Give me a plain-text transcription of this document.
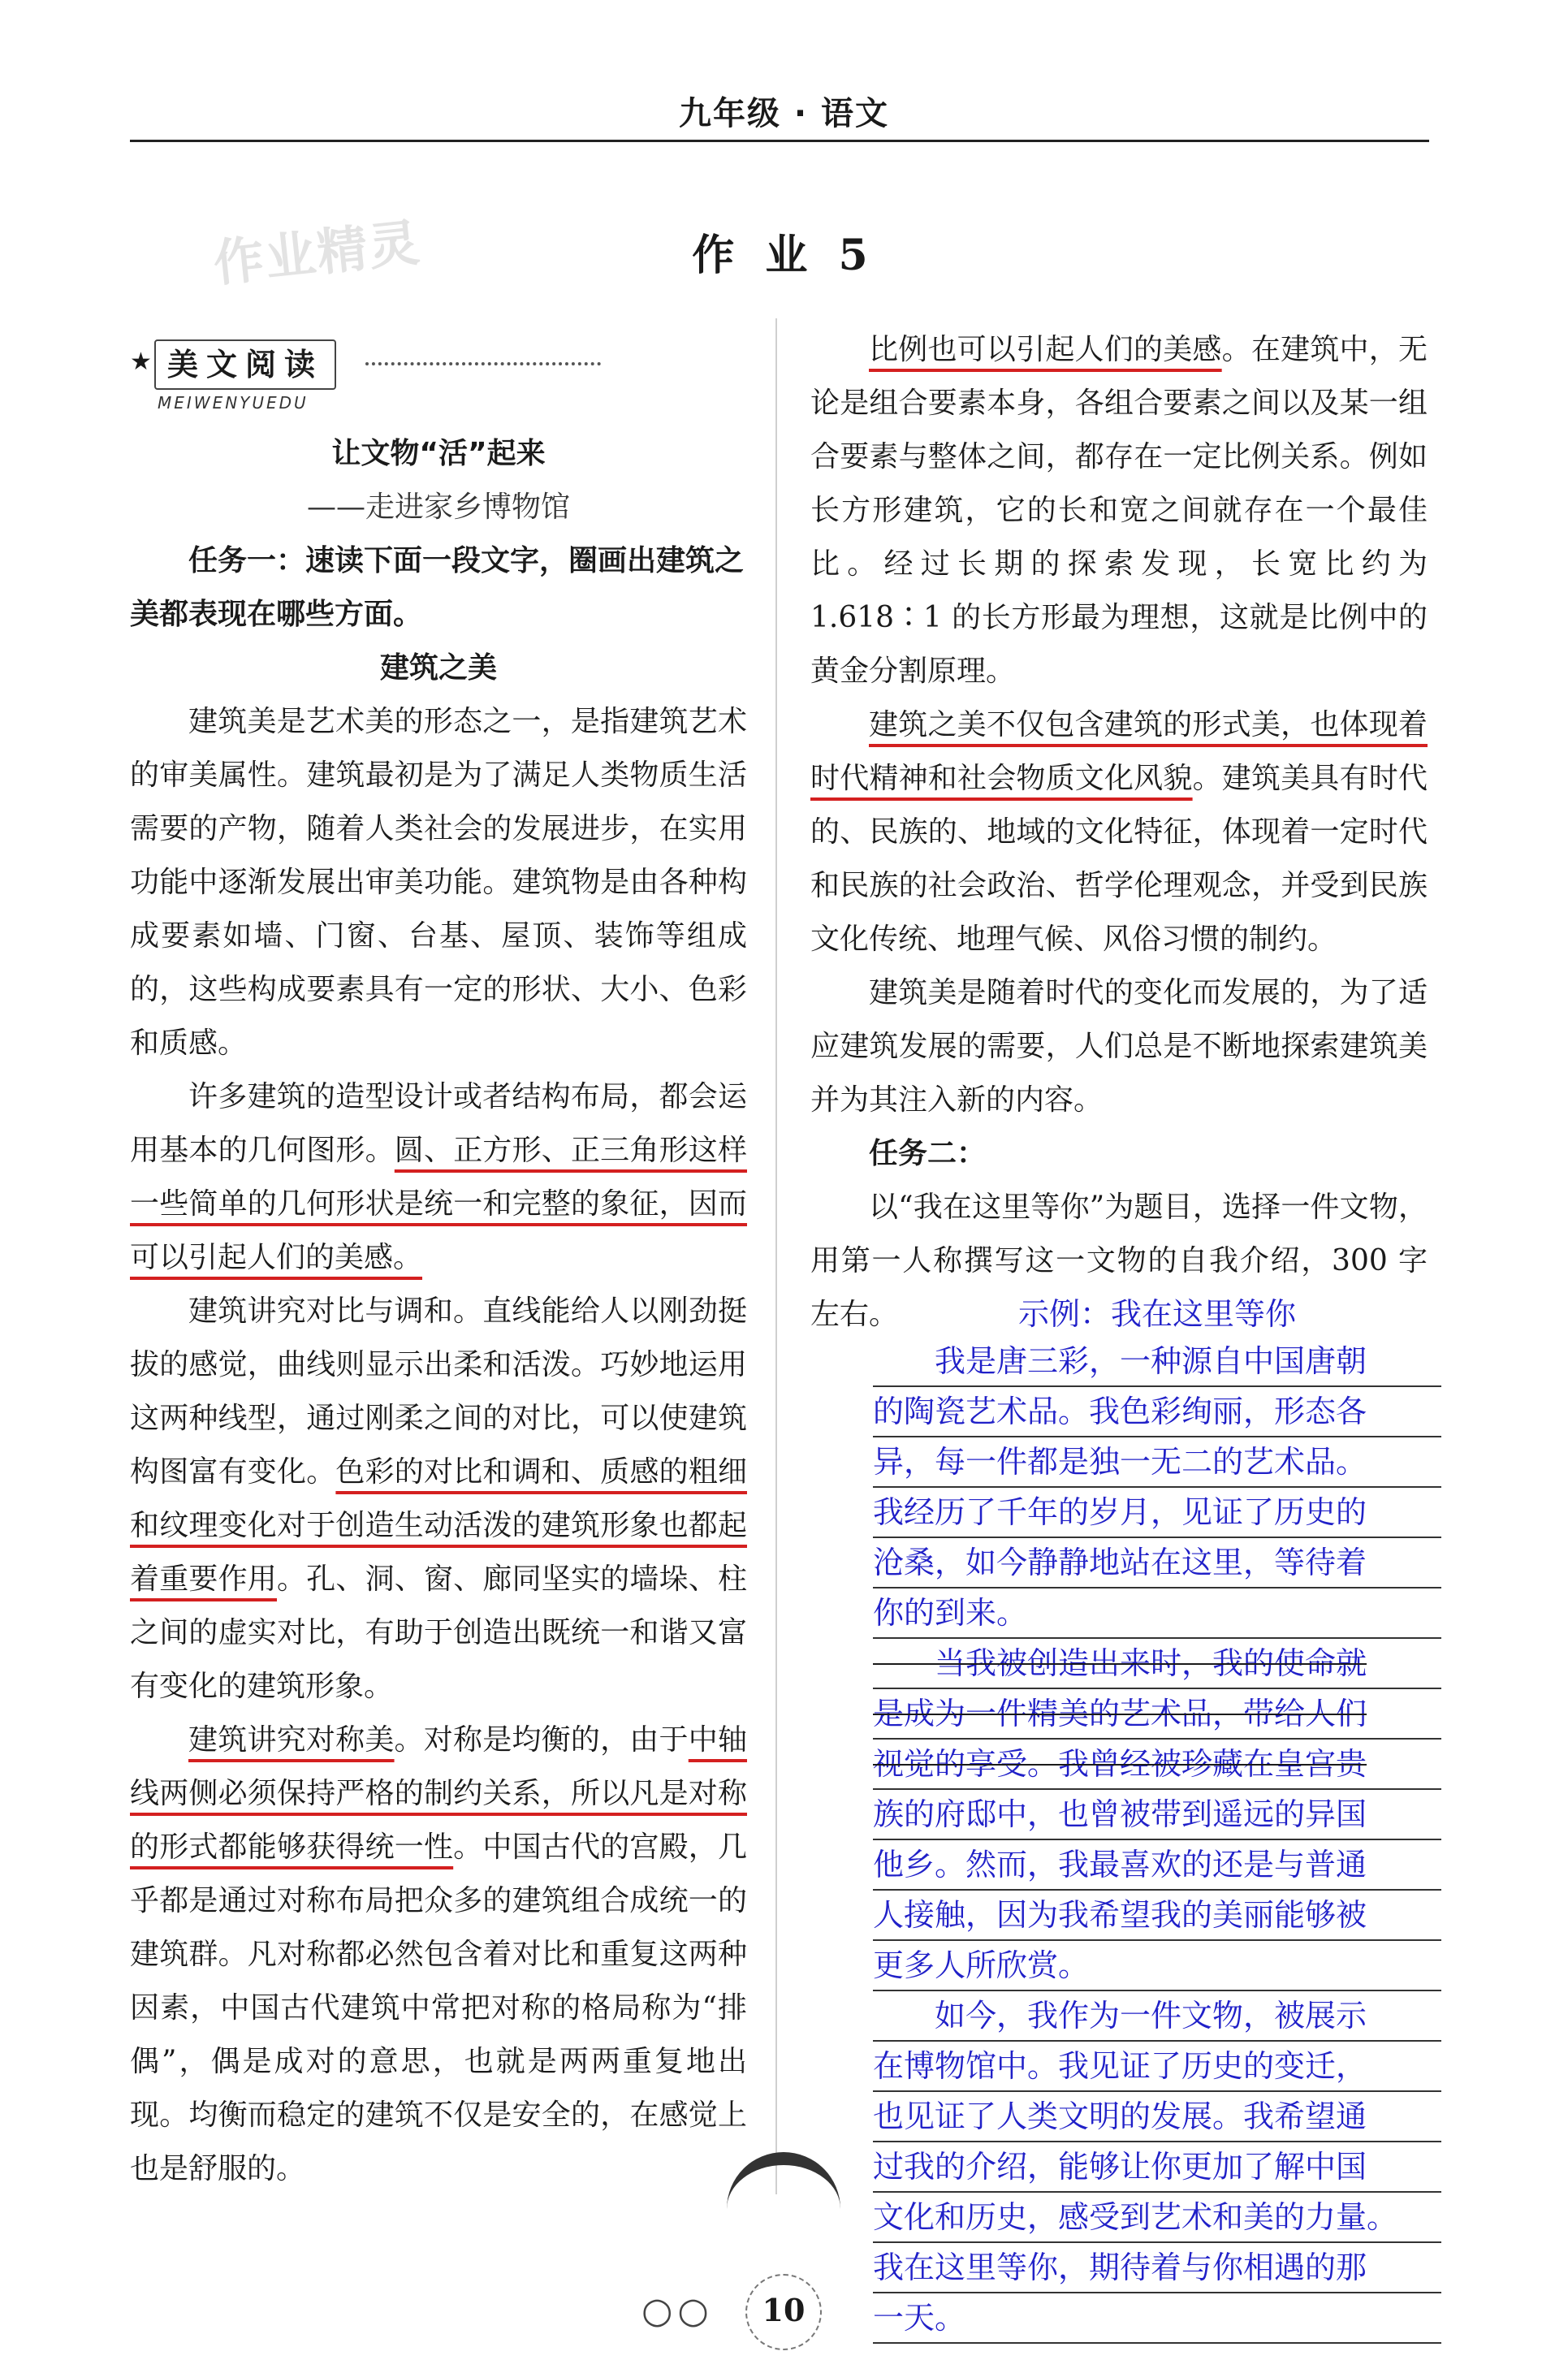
九年级 · 语文
作业精灵	作 业 5
★ 美文阅读
MEIWENYUEDU

让文物“活”起来

——走进家乡博物馆

任务一：速读下面一段文字，圈画出建筑之美都表现在哪些方面。

建筑之美

建筑美是艺术美的形态之一，是指建筑艺术的审美属性。建筑最初是为了满足人类物质生活需要的产物，随着人类社会的发展进步，在实用功能中逐渐发展出审美功能。建筑物是由各种构成要素如墙、门窗、台基、屋顶、装饰等组成的，这些构成要素具有一定的形状、大小、色彩和质感。

许多建筑的造型设计或者结构布局，都会运用基本的几何图形。圆、正方形、正三角形这样一些简单的几何形状是统一和完整的象征，因而可以引起人们的美感。

建筑讲究对比与调和。直线能给人以刚劲挺拔的感觉，曲线则显示出柔和活泼。巧妙地运用这两种线型，通过刚柔之间的对比，可以使建筑构图富有变化。色彩的对比和调和、质感的粗细和纹理变化对于创造生动活泼的建筑形象也都起着重要作用。孔、洞、窗、廊同坚实的墙垛、柱之间的虚实对比，有助于创造出既统一和谐又富有变化的建筑形象。

建筑讲究对称美。对称是均衡的，由于中轴线两侧必须保持严格的制约关系，所以凡是对称的形式都能够获得统一性。中国古代的宫殿，几乎都是通过对称布局把众多的建筑组合成统一的建筑群。凡对称都必然包含着对比和重复这两种因素，中国古代建筑中常把对称的格局称为“排偶”，偶是成对的意思，也就是两两重复地出现。均衡而稳定的建筑不仅是安全的，在感觉上也是舒服的。

比例也可以引起人们的美感。在建筑中，无论是组合要素本身，各组合要素之间以及某一组合要素与整体之间，都存在一定比例关系。例如长方形建筑，它的长和宽之间就存在一个最佳比。经过长期的探索发现，长宽比约为 1.618∶1 的长方形最为理想，这就是比例中的黄金分割原理。

建筑之美不仅包含建筑的形式美，也体现着时代精神和社会物质文化风貌。建筑美具有时代的、民族的、地域的文化特征，体现着一定时代和民族的社会政治、哲学伦理观念，并受到民族文化传统、地理气候、风俗习惯的制约。

建筑美是随着时代的变化而发展的，为了适应建筑发展的需要，人们总是不断地探索建筑美并为其注入新的内容。

任务二：

以“我在这里等你”为题目，选择一件文物，用第一人称撰写这一文物的自我介绍，300 字左右。	示例：我在这里等你
　　我是唐三彩，一种源自中国唐朝
的陶瓷艺术品。我色彩绚丽，形态各
异，每一件都是独一无二的艺术品。
我经历了千年的岁月，见证了历史的
沧桑，如今静静地站在这里，等待着
你的到来。
　　当我被创造出来时，我的使命就
是成为一件精美的艺术品，带给人们
视觉的享受。我曾经被珍藏在皇宫贵
族的府邸中，也曾被带到遥远的异国
他乡。然而，我最喜欢的还是与普通
人接触，因为我希望我的美丽能够被
更多人所欣赏。
　　如今，我作为一件文物，被展示
在博物馆中。我见证了历史的变迁，
也见证了人类文明的发展。我希望通
过我的介绍，能够让你更加了解中国
文化和历史，感受到艺术和美的力量。
我在这里等你，期待着与你相遇的那
一天。
○○	10
